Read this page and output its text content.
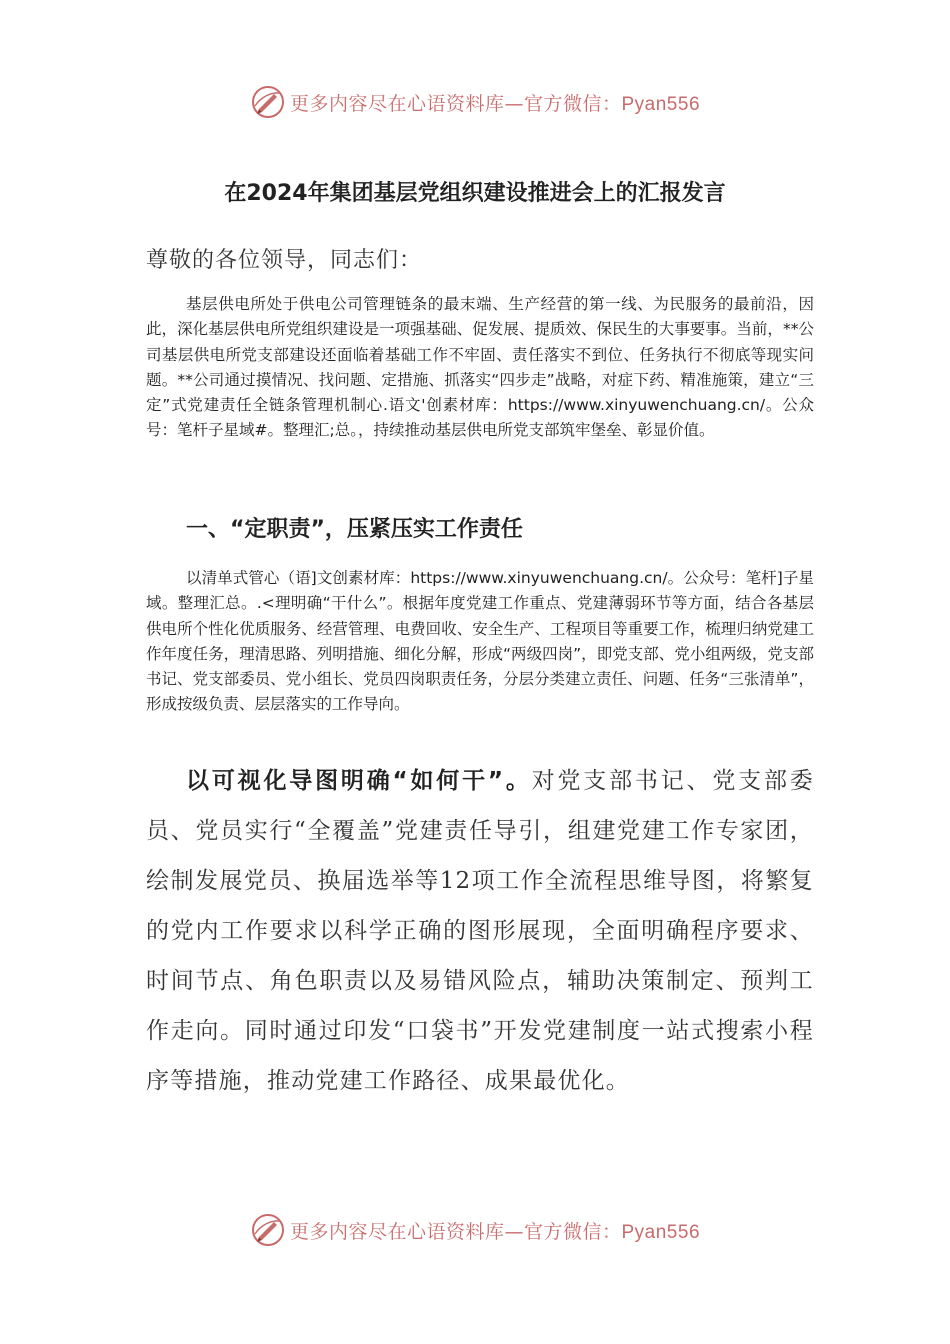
更多内容尽在心语资料库—官方微信：Pyan556
在2024年集团基层党组织建设推进会上的汇报发言
尊敬的各位领导，同志们：
基层供电所处于供电公司管理链条的最末端、生产经营的第一线、为民服务的最前沿，因此，深化基层供电所党组织建设是一项强基础、促发展、提质效、保民生的大事要事。当前，**公司基层供电所党支部建设还面临着基础工作不牢固、责任落实不到位、任务执行不彻底等现实问题。**公司通过摸情况、找问题、定措施、抓落实“四步走”战略，对症下药、精准施策，建立“三定”式党建责任全链条管理机制心.语文'创素材库：https://www.xinyuwenchuang.cn/。公众号：笔杆子星域#。整理汇;总。，持续推动基层供电所党支部筑牢堡垒、彰显价值。
一、“定职责”，压紧压实工作责任
以清单式管心（语]文创素材库：https://www.xinyuwenchuang.cn/。公众号：笔杆]子星域。整理汇总。.<理明确“干什么”。根据年度党建工作重点、党建薄弱环节等方面，结合各基层供电所个性化优质服务、经营管理、电费回收、安全生产、工程项目等重要工作，梳理归纳党建工作年度任务，理清思路、列明措施、细化分解，形成“两级四岗”，即党支部、党小组两级，党支部书记、党支部委员、党小组长、党员四岗职责任务，分层分类建立责任、问题、任务“三张清单”，形成按级负责、层层落实的工作导向。
以可视化导图明确“如何干”。对党支部书记、党支部委员、党员实行“全覆盖”党建责任导引，组建党建工作专家团，绘制发展党员、换届选举等12项工作全流程思维导图，将繁复的党内工作要求以科学正确的图形展现，全面明确程序要求、时间节点、角色职责以及易错风险点，辅助决策制定、预判工作走向。同时通过印发“口袋书”开发党建制度一站式搜索小程序等措施，推动党建工作路径、成果最优化。
更多内容尽在心语资料库—官方微信：Pyan556
